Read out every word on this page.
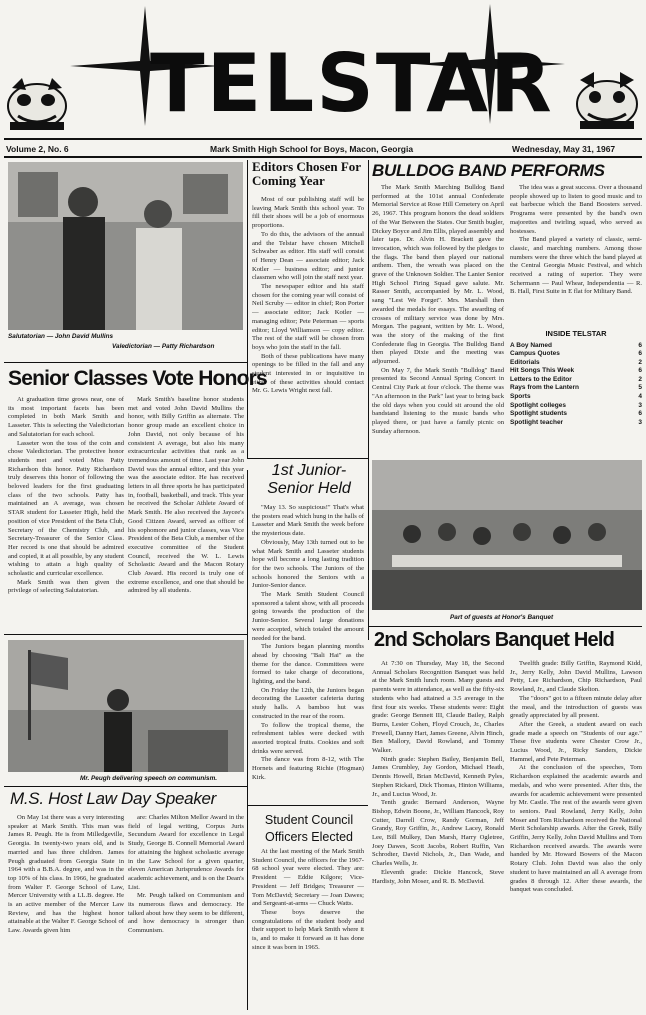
TELSTAR
Volume 2, No. 6	Mark Smith High School for Boys, Macon, Georgia	Wednesday, May 31, 1967
Salutatorian — John David Mullins
Valedictorian — Patty Richardson
Editors Chosen For Coming Year

Most of our publishing staff will be leaving Mark Smith this school year. To fill their shoes will be a job of enormous proportions.

To do this, the advisors of the annual and the Telstar have chosen Mitchell Schwaber as editor. His staff will consist of Henry Dean — associate editor; Jack Kotler — business editor; and junior classmen who will join the staff next year.

The newspaper editor and his staff chosen for the coming year will consist of Neil Scruby — editor in chief; Ron Porter — associate editor; Jack Kotler — managing editor; Pete Peterman — sports editor; Lloyd Williamson — copy editor. The rest of the staff will be chosen from boys who join the staff in the fall.

Both of these publications have many openings to be filled in the fall and any student interested in or inquisitive in either of these activities should contact Mr. G. Lewis Wright next fall.

BULLDOG BAND PERFORMS

The Mark Smith Marching Bulldog Band performed at the 101st annual Confederate Memorial Service at Rose Hill Cemetery on April 26, 1967. This program honors the dead soldiers of the War Between the States. Our Smith bugler, Dickey Boyce and Jim Ellis, played assembly and later taps. Dr. Alvin H. Brackett gave the invocation, which was followed by the pledges to the flags. The band then played our national anthem. Then, the wreath was placed on the grave of the Unknown Soldier. The Lanier Senior High School Firing Squad gave salute. Mr. Rasser Smith, accompanied by Mr. L. Wood, sang "Lest We Forget". Mrs. Marshall then awarded the medals for essays. The awarding of crosses of military service was done by Mrs. Morgan. The pageant, written by Mr. L. Wood, was the story of the making of the first Confederate flag in Georgia. The Bulldog Band then played Dixie and the meeting was adjourned.

On May 7, the Mark Smith "Bulldog" Band presented its Second Annual Spring Concert in Central City Park at four o'clock. The theme was "An afternoon in the Park" last year to bring back the old days when you could sit around the old bandstand listening to the music bands who played there, or just have a family picnic on Sunday afternoon.

The idea was a great success. Over a thousand people showed up to listen to good music and to eat barbecue which the Band Boosters served. Programs were presented by the band's own majorettes and twirling squad, who served as hostesses.

The Band played a variety of classic, semi-classic, and marching numbers. Among those numbers were the three which the band played at the Central Georgia Music Festival, and which received a rating of superior. They were Schermann — Paul Whear, Independentia — R. B. Hall, First Suite in E flat for Military Band.

INSIDE TELSTAR
A Boy Named	6
Campus Quotes	6
Editorials	2
Hit Songs This Week	6
Letters to the Editor	2
Rays from the Lantern	5
Sports	4
Spotlight colleges	3
Spotlight students	6
Spotlight teacher	3
Senior Classes Vote Honors

At graduation time grows near, one of its most important facets has been completed in both Mark Smith and Lasseter. This is selecting the Valedictorian and Salutatorian for each school.

Lasseter won the toss of the coin and chose Valedictorian. The protective honor students met and voted Miss Patty Richardson this honor. Patty Richardson truly deserves this honor of following the beloved leaders for the first graduating class of the two schools. Patty has maintained an A average, was chosen STAR student for Lasseter High, held the position of vice President of the Beta Club, Secretary of the Chemistry Club, and Secretary-Treasurer of the Senior Class. Her record is one that should be admired and copied, it at all possible, by any student wishing to attain a high quality of scholastic and curricular excellence.

Mark Smith was then given the privilege of selecting Salutatorian.

Mark Smith's baseline honor students met and voted John David Mullins the honor, with Billy Griffin as alternate. The honor group made an excellent choice in John David, not only because of his consistent A average, but also his many extracurricular activities that rank as a tremendous amount of time. Last year John David was the annual editor, and this year was the associate editor. He has received letters in all three sports he has participated in, football, basketball, and track. This year he received the Scholar Athlete Award of Mark Smith. He also received the Jaycee's Good Citizen Award, served as officer of his sophomore and junior classes, was Vice President of the Beta Club, a member of the executive committee of the Student Council, received the W. L. Lewis Scholastic Award and the Macon Rotary Club Award. His record is truly one of extreme excellence, and one that should be admired by all students.

1st Junior-Senior Held

"May 13. So suspicious!" That's what the posters read which hung in the halls of Lasseter and Mark Smith the week before the mysterious date.

Obviously, May 13th turned out to be what Mark Smith and Lasseter students hope will become a long lasting tradition for the two schools. The Juniors of the schools honored the Seniors with a Junior-Senior dance.

The Mark Smith Student Council sponsored a talent show, with all proceeds going towards the production of the Junior-Senior. Several large donations were accepted, which totaled the amount needed for the band.

The Juniors began planning months ahead by choosing "Bali Hai" as the theme for the dance. Committees were formed to take charge of decorations, lighting, and the band.

On Friday the 12th, the Juniors began decorating the Lasseter cafeteria during study halls. A bamboo hut was constructed in the rear of the room.

To follow the tropical theme, the refreshment tables were decked with assorted tropical fruits. Cookies and soft drinks were served.

The dance was from 8-12, with The Hornets and featuring Richie (Hogman) Kirk.

Part of guests at Honor's Banquet
2nd Scholars Banquet Held

At 7:30 on Thursday, May 18, the Second Annual Scholars Recognition Banquet was held at the Mark Smith lunch room. Many guests and parents were in attendance, as well as the fifty-six students who had attained a 3.5 average in the first four six weeks. These students were: Eight grade: George Bennett III, Claude Bailey, Ralph Burns, Lester Cohen, Floyd Crouch, Jr., Charles Frewell, Danny Hart, James Greene, Alvin Hinch, Ben Mallory, David Rowland, and Tommy Walker.

Ninth grade: Stephen Bailey, Benjamin Bell, James Crumbley, Jay Gordon, Michael Heath, Dennis Howell, Brian McDavid, Kenneth Pyles, Stephen Rickard, Dick Thomas, Hinton Williams, Jr., and Lucius Wood, Jr.

Tenth grade: Bernard Anderson, Wayne Bishop, Edwin Boone, Jr., William Hancock, Roy Cutter, Darrell Crow, Randy Gorman, Jeff Grandy, Roy Griffin, Jr., Andrew Lacey, Ronald Lee, Bill Mulkey, Dan Marsh, Harry Ogletree, Joey Dawes, Scott Jacobs, Robert Ruffin, Van Schrodter, David Nichols, Jr., Dan Wade, and Charles Wells, Jr.

Eleventh grade: Dickie Hancock, Steve Hardisty, John Moser, and R. B. McDavid.

Twelfth grade: Billy Griffin, Raymond Kidd, Jr., Jerry Kelly, John David Mullins, Lawson Petty, Lee Richardson, Chip Richardson, Paul Rowland, Jr., and Claude Skelton.

The "doors" got to a fifteen minute delay after the meal, and the introduction of guests was greatly appreciated by all present.

After the Greek, a student award on each grade made a speech on "Students of our age." These five students were Chester Crow Jr., Lucius Wood, Jr., Ricky Sanders, Dickie Hammel, and Pete Peterman.

At the conclusion of the speeches, Tom Richardson explained the academic awards and medals, and who were presented. After this, the awards for academic achievement were presented by Mr. Castle. The rest of the awards were given to seniors. Paul Rowland, Jerry Kelly, John Moser and Tom Richardson received the National Merit Scholarship awards. After the Greek, Billy Griffin, Jerry Kelly, John David Mullins and Tom Richardson received awards. The awards were handed by Mr. Howard Bowers of the Macon Rotary Club. John David was also the only student to have maintained an all A average from grades 8 through 12. After these awards, the banquet was concluded.

Mr. Peugh delivering speech on communism.
M.S. Host Law Day Speaker

On May 1st there was a very interesting speaker at Mark Smith. This man was James R. Peugh. He is from Milledgeville, Georgia. In twenty-two years old, and is married and has three children. James Peugh graduated from Georgia State in 1964 with a B.B.A. degree, and was in the top 10% of his class. In 1966, he graduated from Walter F. George School of Law, Mercer University with a LL.B. degree. He is an active member of the Mercer Law Review, and has the highest honor attainable at the Walter F. George School of Law. Awards given him

are: Charles Milton Mellor Award in the field of legal writing, Corpus Juris Secundum Award for excellence in Legal Study, George B. Connell Memorial Award for attaining the highest scholastic average in the Law School for a given quarter, eleven American Jurisprudence Awards for academic achievement, and is on the Dean's List.

Mr. Peugh talked on Communism and its numerous flaws and democracy. He talked about how they seem to be different, and how democracy is stronger than Communism.

Student Council Officers Elected

At the last meeting of the Mark Smith Student Council, the officers for the 1967-68 school year were elected. They are: President — Eddie Kilgore; Vice-President — Jeff Bridges; Treasurer — Tom McDavid; Secretary — Joan Dawes; and Sergeant-at-arms — Chuck Watts.

These boys deserve the congratulations of the student body and their support to help Mark Smith where it is, and to make it forward as it has done since it was born in 1965.
